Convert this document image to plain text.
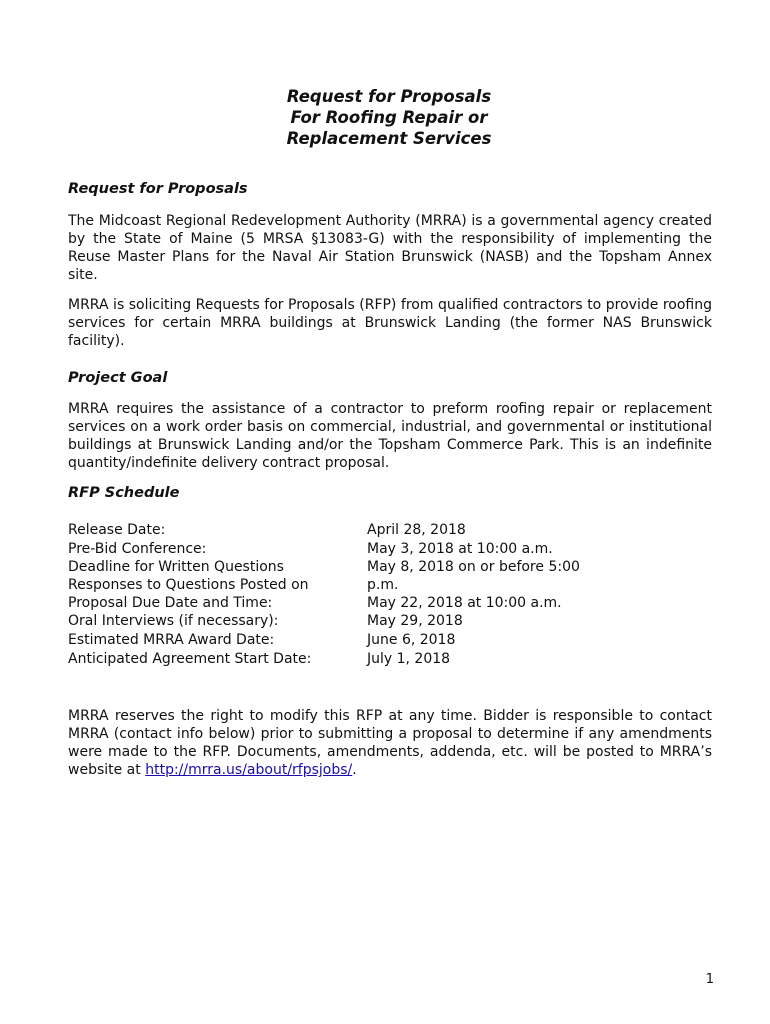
Request for Proposals
For Roofing Repair or
Replacement Services
Request for Proposals

The Midcoast Regional Redevelopment Authority (MRRA) is a governmental agency created by the State of Maine (5 MRSA §13083-G) with the responsibility of implementing the Reuse Master Plans for the Naval Air Station Brunswick (NASB) and the Topsham Annex site.

MRRA is soliciting Requests for Proposals (RFP) from qualified contractors to provide roofing services for certain MRRA buildings at Brunswick Landing (the former NAS Brunswick facility).

Project Goal

MRRA requires the assistance of a contractor to preform roofing repair or replacement services on a work order basis on commercial, industrial, and governmental or institutional buildings at Brunswick Landing and/or the Topsham Commerce Park. This is an indefinite quantity/indefinite delivery contract proposal.

RFP Schedule
Release Date:	April 28, 2018
Pre-Bid Conference:	May 3, 2018 at 10:00 a.m.
Deadline for Written Questions	May 8, 2018 on or before 5:00
Responses to Questions Posted on	p.m.
Proposal Due Date and Time:	May 22, 2018 at 10:00 a.m.
Oral Interviews (if necessary):	May 29, 2018
Estimated MRRA Award Date:	June 6, 2018
Anticipated Agreement Start Date:	July 1, 2018

MRRA reserves the right to modify this RFP at any time. Bidder is responsible to contact MRRA (contact info below) prior to submitting a proposal to determine if any amendments were made to the RFP. Documents, amendments, addenda, etc. will be posted to MRRA’s website at http://mrra.us/about/rfpsjobs/.

1
